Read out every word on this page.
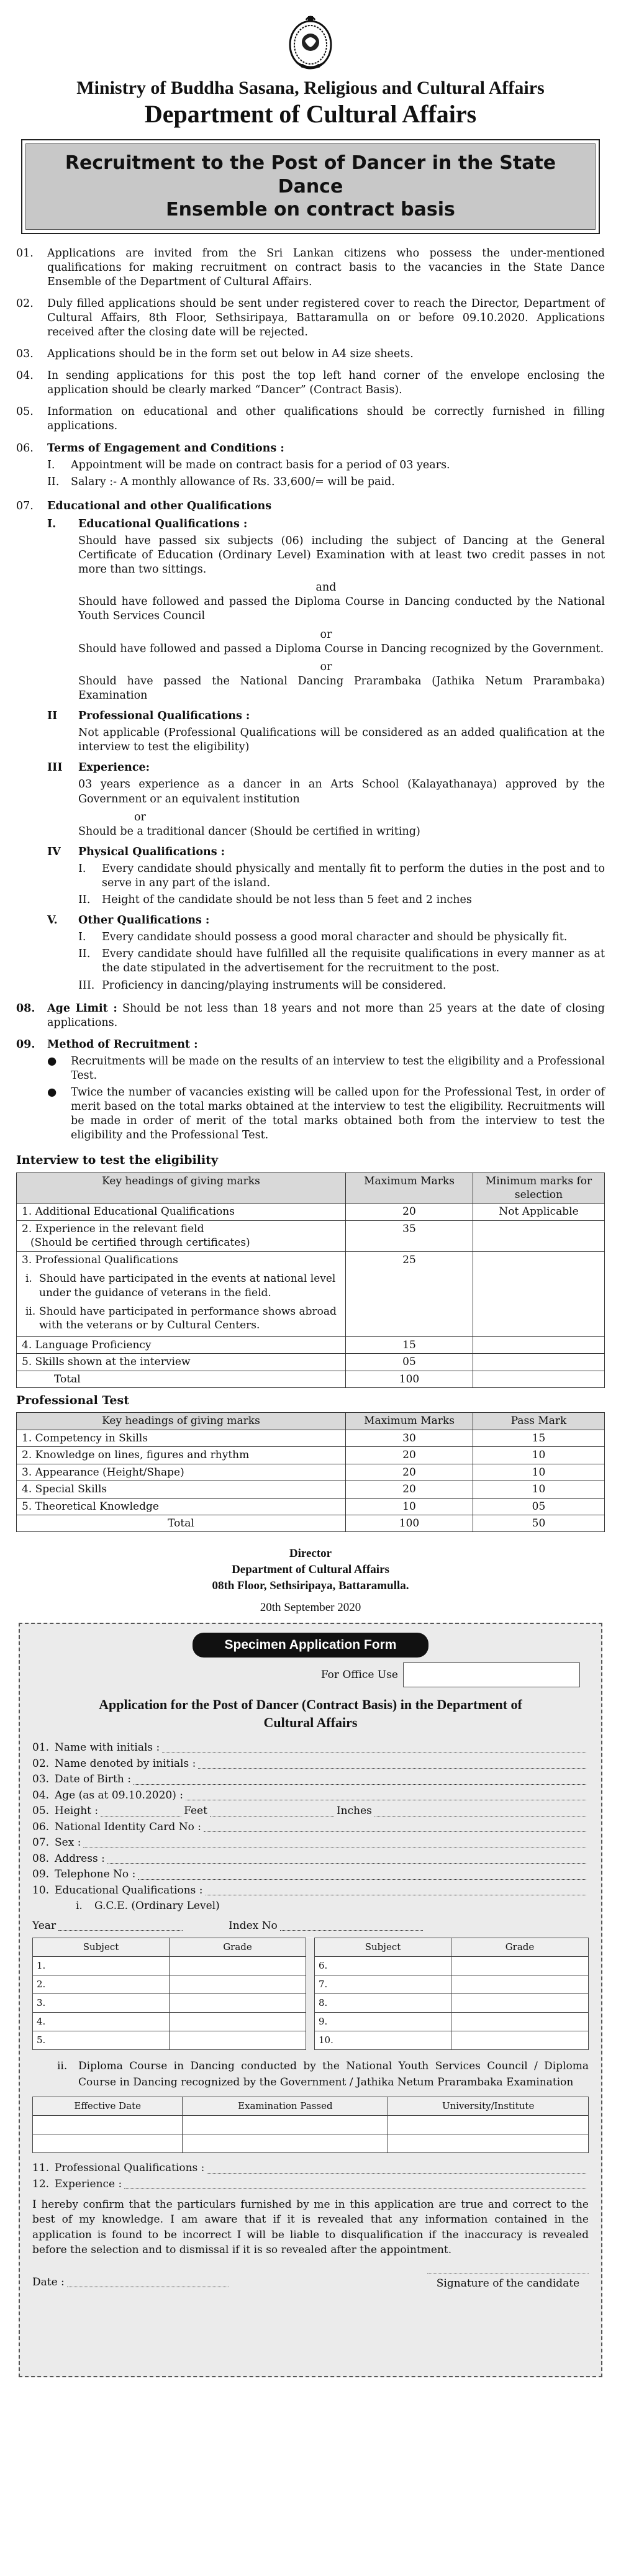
Ministry of Buddha Sasana, Religious and Cultural Affairs
Department of Cultural Affairs
Recruitment to the Post of Dancer in the State Dance
Ensemble on contract basis
01.	Applications are invited from the Sri Lankan citizens who possess the under-mentioned qualifications for making recruitment on contract basis to the vacancies in the State Dance Ensemble of the Department of Cultural Affairs.
02.	Duly filled applications should be sent under registered cover to reach the Director, Department of Cultural Affairs, 8th Floor, Sethsiripaya, Battaramulla on or before 09.10.2020. Applications received after the closing date will be rejected.
03.	Applications should be in the form set out below in A4 size sheets.
04.	In sending applications for this post the top left hand corner of the envelope enclosing the application should be clearly marked “Dancer” (Contract Basis).
05.	Information on educational and other qualifications should be correctly furnished in filling applications.
06.	Terms of Engagement and Conditions :
I.	Appointment will be made on contract basis for a period of 03 years.
II.	Salary :- A monthly allowance of Rs. 33,600/= will be paid.
07.	Educational and other Qualifications
I.	Educational Qualifications :
Should have passed six subjects (06) including the subject of Dancing at the General Certificate of Education (Ordinary Level) Examination with at least two credit passes in not more than two sittings.
and
Should have followed and passed the Diploma Course in Dancing conducted by the National Youth Services Council
or
Should have followed and passed a Diploma Course in Dancing recognized by the Government.
or
Should have passed the National Dancing Prarambaka (Jathika Netum Prarambaka) Examination
II	Professional Qualifications :
Not applicable (Professional Qualifications will be considered as an added qualification at the interview to test the eligibility)
III	Experience:
03 years experience as a dancer in an Arts School (Kalayathanaya) approved by the Government or an equivalent institution
or
Should be a traditional dancer (Should be certified in writing)
IV	Physical Qualifications :
I.	Every candidate should physically and mentally fit to perform the duties in the post and to serve in any part of the island.
II.	Height of the candidate should be not less than 5 feet and 2 inches
V.	Other Qualifications :
I.	Every candidate should possess a good moral character and should be physically fit.
II.	Every candidate should have fulfilled all the requisite qualifications in every manner as at the date stipulated in the advertisement for the recruitment to the post.
III. Proficiency in dancing/playing instruments will be considered.
08.	Age Limit : Should be not less than 18 years and not more than 25 years at the date of closing applications.
09.	Method of Recruitment :
●	Recruitments will be made on the results of an interview to test the eligibility and a Professional Test.
●	Twice the number of vacancies existing will be called upon for the Professional Test, in order of merit based on the total marks obtained at the interview to test the eligibility. Recruitments will be made in order of merit of the total marks obtained both from the interview to test the eligibility and the Professional Test.
Interview to test the eligibility
Key headings of giving marks	Maximum Marks	Minimum marks for selection
1. Additional Educational Qualifications	20	Not Applicable

2. Experience in the relevant field
(Should be certified through certificates)	35	

3. Professional Qualifications
i. Should have participated in the events at national level under the guidance of veterans in the field.
ii. Should have participated in performance shows abroad with the veterans or by Cultural Centers.	25	
4. Language Proficiency	15	
5. Skills shown at the interview	05	
Total	100	
Professional Test
Key headings of giving marks	Maximum Marks	Pass Mark
1. Competency in Skills	30	15
2. Knowledge on lines, figures and rhythm	20	10
3. Appearance (Height/Shape)	20	10
4. Special Skills	20	10
5. Theoretical Knowledge	10	05
Total	100	50
Director
Department of Cultural Affairs
08th Floor, Sethsiripaya, Battaramulla.
20th September 2020
Specimen Application Form
For Office Use
Application for the Post of Dancer (Contract Basis) in the Department of
Cultural Affairs
01. Name with initials :
02. Name denoted by initials :
03. Date of Birth :
04. Age (as at 09.10.2020) :
05. Height :	Feet	Inches
06. National Identity Card No :
07. Sex :
08. Address :
09. Telephone No :
10. Educational Qualifications :
i.	G.C.E. (Ordinary Level)
Year	Index No
Subject	Grade		Subject	Grade
1.			6.	
2.			7.	
3.			8.	
4.			9.	
5.			10.	
ii.	Diploma Course in Dancing conducted by the National Youth Services Council / Diploma Course in Dancing recognized by the Government / Jathika Netum Prarambaka Examination
Effective Date	Examination Passed	University/Institute

11. Professional Qualifications :
12. Experience :
I hereby confirm that the particulars furnished by me in this application are true and correct to the best of my knowledge. I am aware that if it is revealed that any information contained in the application is found to be incorrect I will be liable to disqualification if the inaccuracy is revealed before the selection and to dismissal if it is so revealed after the appointment.
Date :	Signature of the candidate
